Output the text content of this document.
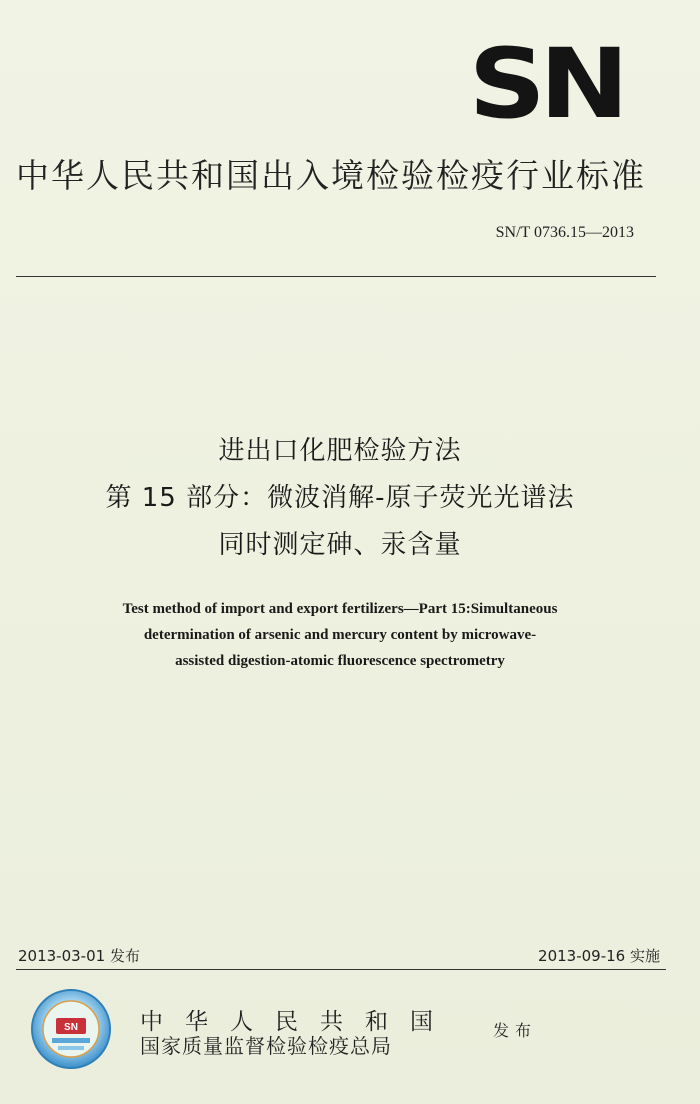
SN
中华人民共和国出入境检验检疫行业标准
SN/T 0736.15—2013
进出口化肥检验方法
第 15 部分：微波消解-原子荧光光谱法
同时测定砷、汞含量
Test method of import and export fertilizers—Part 15:Simultaneous
determination of arsenic and mercury content by microwave-
assisted digestion-atomic fluorescence spectrometry
2013-03-01 发布	2013-09-16 实施
SN	中华人民共和国
国家质量监督检验检疫总局
发布
